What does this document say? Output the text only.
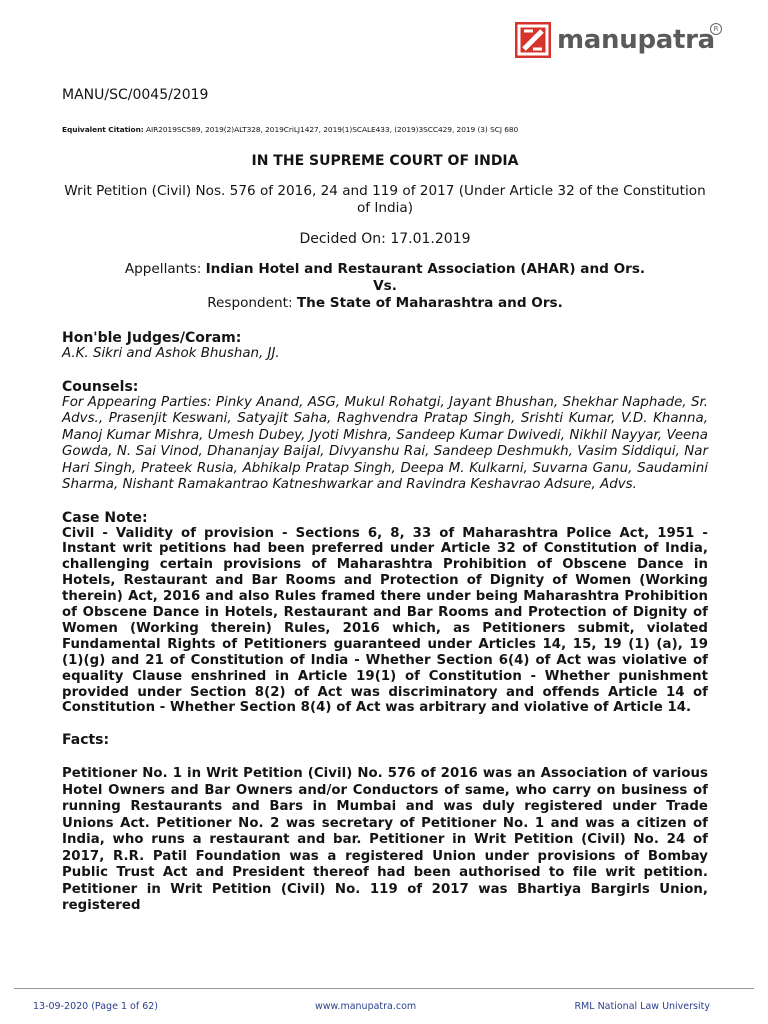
manupatra
R

MANU/SC/0045/2019

Equivalent Citation: AIR2019SC589, 2019(2)ALT328, 2019CriLJ1427, 2019(1)SCALE433, (2019)3SCC429, 2019 (3) SCJ 680

IN THE SUPREME COURT OF INDIA

Writ Petition (Civil) Nos. 576 of 2016, 24 and 119 of 2017 (Under Article 32 of the Constitution of India)

Decided On: 17.01.2019

Appellants: Indian Hotel and Restaurant Association (AHAR) and Ors.
Vs.
Respondent: The State of Maharashtra and Ors.

Hon'ble Judges/Coram:

A.K. Sikri and Ashok Bhushan, JJ.

Counsels:

For Appearing Parties: Pinky Anand, ASG, Mukul Rohatgi, Jayant Bhushan, Shekhar Naphade, Sr. Advs., Prasenjit Keswani, Satyajit Saha, Raghvendra Pratap Singh, Srishti Kumar, V.D. Khanna, Manoj Kumar Mishra, Umesh Dubey, Jyoti Mishra, Sandeep Kumar Dwivedi, Nikhil Nayyar, Veena Gowda, N. Sai Vinod, Dhananjay Baijal, Divyanshu Rai, Sandeep Deshmukh, Vasim Siddiqui, Nar Hari Singh, Prateek Rusia, Abhikalp Pratap Singh, Deepa M. Kulkarni, Suvarna Ganu, Saudamini Sharma, Nishant Ramakantrao Katneshwarkar and Ravindra Keshavrao Adsure, Advs.

Case Note:

Civil - Validity of provision - Sections 6, 8, 33 of Maharashtra Police Act, 1951 - Instant writ petitions had been preferred under Article 32 of Constitution of India, challenging certain provisions of Maharashtra Prohibition of Obscene Dance in Hotels, Restaurant and Bar Rooms and Protection of Dignity of Women (Working therein) Act, 2016 and also Rules framed there under being Maharashtra Prohibition of Obscene Dance in Hotels, Restaurant and Bar Rooms and Protection of Dignity of Women (Working therein) Rules, 2016 which, as Petitioners submit, violated Fundamental Rights of Petitioners guaranteed under Articles 14, 15, 19 (1) (a), 19 (1)(g) and 21 of Constitution of India - Whether Section 6(4) of Act was violative of equality Clause enshrined in Article 19(1) of Constitution - Whether punishment provided under Section 8(2) of Act was discriminatory and offends Article 14 of Constitution - Whether Section 8(4) of Act was arbitrary and violative of Article 14.

Facts:

Petitioner No. 1 in Writ Petition (Civil) No. 576 of 2016 was an Association of various Hotel Owners and Bar Owners and/or Conductors of same, who carry on business of running Restaurants and Bars in Mumbai and was duly registered under Trade Unions Act. Petitioner No. 2 was secretary of Petitioner No. 1 and was a citizen of India, who runs a restaurant and bar. Petitioner in Writ Petition (Civil) No. 24 of 2017, R.R. Patil Foundation was a registered Union under provisions of Bombay Public Trust Act and President thereof had been authorised to file writ petition. Petitioner in Writ Petition (Civil) No. 119 of 2017 was Bhartiya Bargirls Union, registered

13-09-2020 (Page 1 of 62)	www.manupatra.com	RML National Law University
